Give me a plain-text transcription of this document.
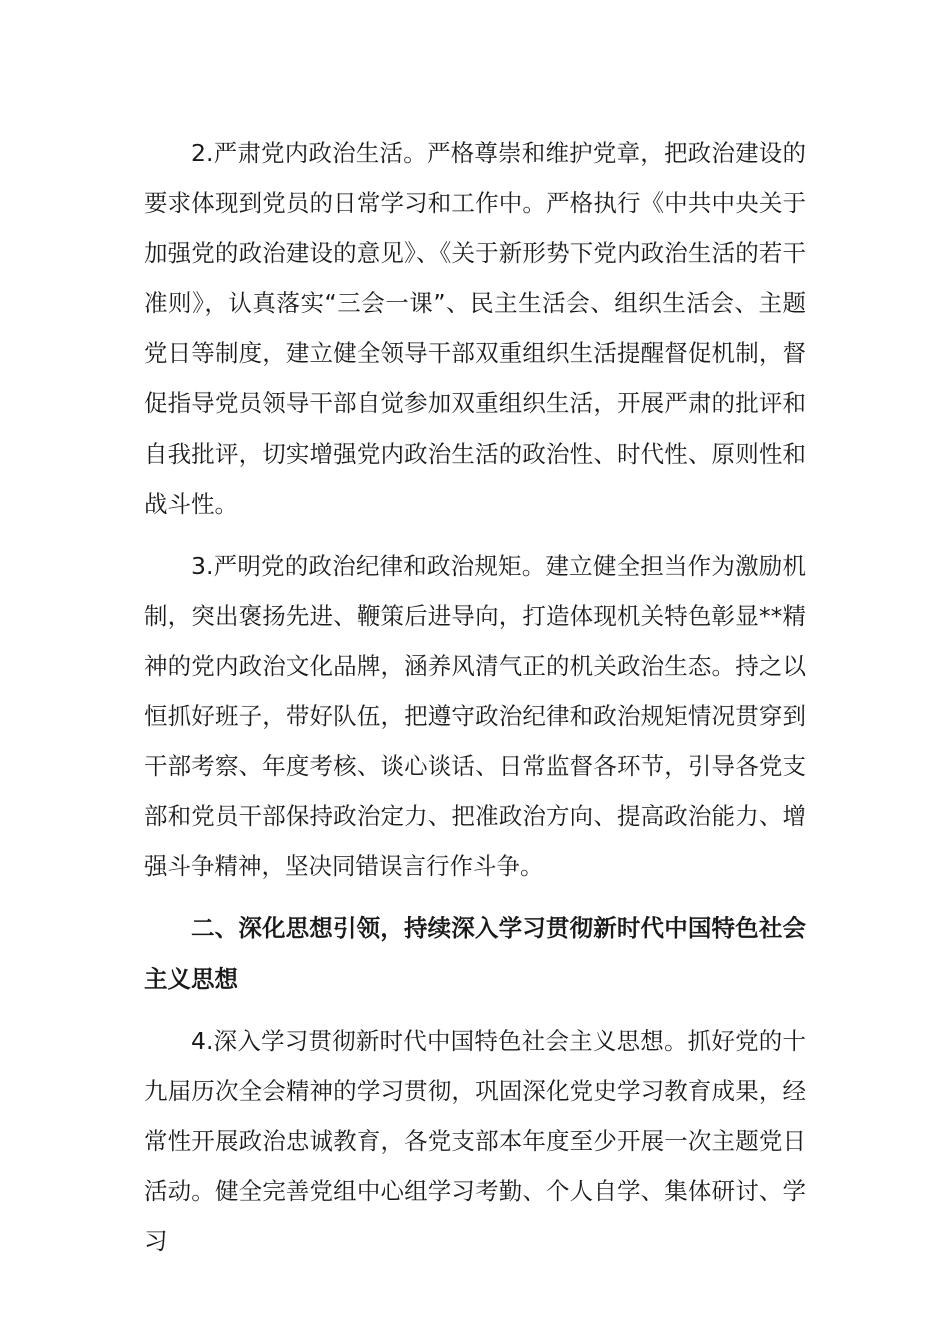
2.严肃党内政治生活。严格尊崇和维护党章，把政治建设的要求体现到党员的日常学习和工作中。严格执行《中共中央关于加强党的政治建设的意见》、《关于新形势下党内政治生活的若干准则》，认真落实“三会一课”、民主生活会、组织生活会、主题党日等制度，建立健全领导干部双重组织生活提醒督促机制，督促指导党员领导干部自觉参加双重组织生活，开展严肃的批评和自我批评，切实增强党内政治生活的政治性、时代性、原则性和战斗性。

3.严明党的政治纪律和政治规矩。建立健全担当作为激励机制，突出褒扬先进、鞭策后进导向，打造体现机关特色彰显**精神的党内政治文化品牌，涵养风清气正的机关政治生态。持之以恒抓好班子，带好队伍，把遵守政治纪律和政治规矩情况贯穿到干部考察、年度考核、谈心谈话、日常监督各环节，引导各党支部和党员干部保持政治定力、把准政治方向、提高政治能力、增强斗争精神，坚决同错误言行作斗争。

二、深化思想引领，持续深入学习贯彻新时代中国特色社会主义思想

4.深入学习贯彻新时代中国特色社会主义思想。抓好党的十九届历次全会精神的学习贯彻，巩固深化党史学习教育成果，经常性开展政治忠诚教育，各党支部本年度至少开展一次主题党日活动。健全完善党组中心组学习考勤、个人自学、集体研讨、学习
